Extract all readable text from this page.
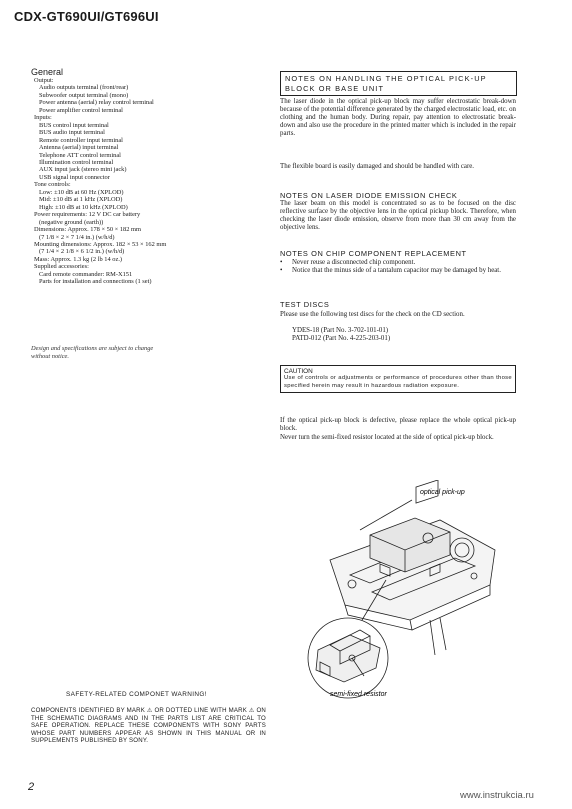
CDX-GT690UI/GT696UI
General
Output:
Audio outputs terminal (front/rear)
Subwoofer output terminal (mono)
Power antenna (aerial) relay control terminal
Power amplifier control terminal
Inputs:
BUS control input terminal
BUS audio input terminal
Remote controller input terminal
Antenna (aerial) input terminal
Telephone ATT control terminal
Illumination control terminal
AUX input jack (stereo mini jack)
USB signal input connector
Tone controls:
Low: ±10 dB at 60 Hz (XPLOD)
Mid: ±10 dB at 1 kHz (XPLOD)
High: ±10 dB at 10 kHz (XPLOD)
Power requirements: 12 V DC car battery
(negative ground (earth))
Dimensions: Approx. 178 × 50 × 182 mm
(7 1/8 × 2 × 7 1/4 in.) (w/h/d)
Mounting dimensions: Approx. 182 × 53 × 162 mm
(7 1/4 × 2 1/8 × 6 1/2 in.) (w/h/d)
Mass: Approx. 1.3 kg (2 lb 14 oz.)
Supplied accessories:
Card remote commander: RM-X151
Parts for installation and connections (1 set)
Design and specifications are subject to change
without notice.
SAFETY-RELATED COMPONET WARNING!
COMPONENTS IDENTIFIED BY MARK ⚠ OR DOTTED LINE WITH MARK ⚠ ON THE SCHEMATIC DIAGRAMS AND IN THE PARTS LIST ARE CRITICAL TO SAFE OPERATION. REPLACE THESE COMPONENTS WITH SONY PARTS WHOSE PART NUMBERS APPEAR AS SHOWN IN THIS MANUAL OR IN SUPPLEMENTS PUBLISHED BY SONY.
NOTES ON HANDLING THE OPTICAL PICK-UP
BLOCK OR BASE UNIT
The laser diode in the optical pick-up block may suffer electrostatic break-down because of the potential difference generated by the charged electrostatic load, etc. on clothing and the human body. During repair, pay attention to electrostatic break-down and also use the procedure in the printed matter which is included in the repair parts.
The flexible board is easily damaged and should be handled with care.
NOTES ON LASER DIODE EMISSION CHECK
The laser beam on this model is concentrated so as to be focused on the disc reflective surface by the objective lens in the optical pickup block. Therefore, when checking the laser diode emission, observe from more than 30 cm away from the objective lens.
NOTES ON CHIP COMPONENT REPLACEMENT
•	Never reuse a disconnected chip component.
•	Notice that the minus side of a tantalum capacitor may be damaged by heat.
TEST DISCS
Please use the following test discs for the check on the CD section.
YDES-18 (Part No. 3-702-101-01)
PATD-012 (Part No. 4-225-203-01)
CAUTION
Use of controls or adjustments or performance of procedures other than those specified herein may result in hazardous radiation exposure.
If the optical pick-up block is defective, please replace the whole optical pick-up block.
Never turn the semi-fixed resistor located at the side of optical pick-up block.
optical pick-up
semi-fixed resistor
2
www.instrukcia.ru
